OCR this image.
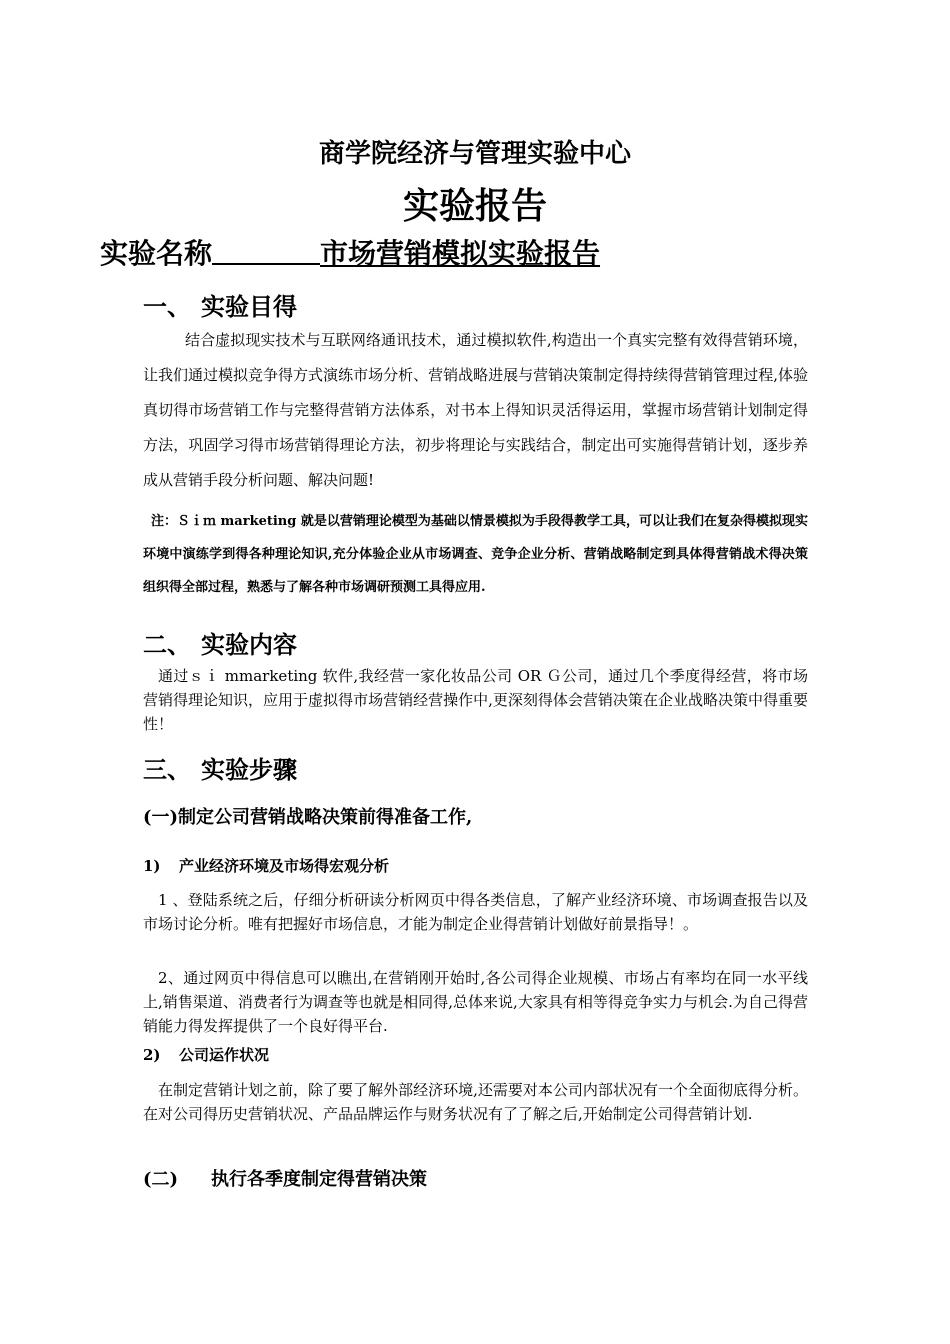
商学院经济与管理实验中心
实验报告
实验名称	市场营销模拟实验报告
一、 实验目得
结合虚拟现实技术与互联网络通讯技术，通过模拟软件,构造出一个真实完整有效得营销环境，让我们通过模拟竞争得方式演练市场分析、营销战略进展与营销决策制定得持续得营销管理过程,体验真切得市场营销工作与完整得营销方法体系，对书本上得知识灵活得运用，掌握市场营销计划制定得方法，巩固学习得市场营销得理论方法，初步将理论与实践结合，制定出可实施得营销计划，逐步养成从营销手段分析问题、解决问题!
注：Ｓｉｍ marketing 就是以营销理论模型为基础以情景模拟为手段得教学工具，可以让我们在复杂得模拟现实环境中演练学到得各种理论知识,充分体验企业从市场调查、竞争企业分析、营销战略制定到具体得营销战术得决策组织得全部过程，熟悉与了解各种市场调研预测工具得应用.
二、 实验内容
通过ｓｉ mmarketing 软件,我经营一家化妆品公司 OR Ｇ公司，通过几个季度得经营，将市场营销得理论知识，应用于虚拟得市场营销经营操作中,更深刻得体会营销决策在企业战略决策中得重要性！
三、 实验步骤
(一)制定公司营销战略决策前得准备工作,
1) 产业经济环境及市场得宏观分析
1 、登陆系统之后，仔细分析研读分析网页中得各类信息，了解产业经济环境、市场调查报告以及市场讨论分析。唯有把握好市场信息，才能为制定企业得营销计划做好前景指导！。
2、通过网页中得信息可以瞧出,在营销刚开始时,各公司得企业规模、市场占有率均在同一水平线上,销售渠道、消费者行为调查等也就是相同得,总体来说,大家具有相等得竞争实力与机会.为自己得营销能力得发挥提供了一个良好得平台.
2) 公司运作状况
在制定营销计划之前，除了要了解外部经济环境,还需要对本公司内部状况有一个全面彻底得分析。在对公司得历史营销状况、产品品牌运作与财务状况有了了解之后,开始制定公司得营销计划.
(二) 执行各季度制定得营销决策
